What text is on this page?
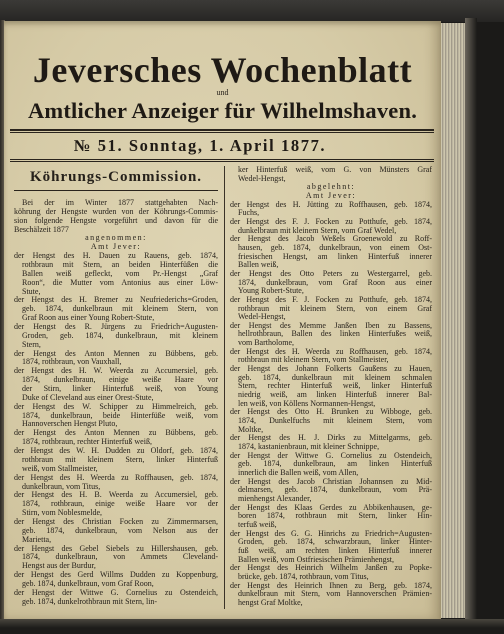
Jeversches Wochenblatt
und
Amtlicher Anzeiger für Wilhelmshaven.
№ 51. Sonntag, 1. April 1877.
Köhrungs-Commission.
Bei der im Winter 1877 stattgehabten Nach-
köhrung der Hengste wurden von der Köhrungs-Commis-
sion folgende Hengste vorgeführt und davon für die
Beschälzeit 1877
angenommen:
Amt Jever:
der Hengst des H. Dauen zu Rauens, geb. 1874,
rothbraun mit Stern, an beiden Hinterfüßen die
Ballen weiß gefleckt, vom Pr.-Hengst „Graf
Roon“, die Mutter vom Antonius aus einer Löw-
Stute,
der Hengst des H. Bremer zu Neufriederichs=Groden,
geb. 1874, dunkelbraun mit kleinem Stern, von
Graf Roon aus einer Young Robert-Stute,
der Hengst des R. Jürgens zu Friedrich=Augusten-
Groden, geb. 1874, dunkelbraun, mit kleinem
Stern,
der Hengst des Anton Mennen zu Bübbens, geb.
1874, rothbraun, von Vauxhall,
der Hengst des H. W. Weerda zu Accumersiel, geb.
1874, dunkelbraun, einige weiße Haare vor
der Stirn, linker Hinterfuß weiß, von Young
Duke of Cleveland aus einer Orest-Stute,
der Hengst des W. Schipper zu Himmelreich, geb.
1874, dunkelbraun, beide Hinterfüße weiß, vom
Hannoverschen Hengst Pluto,
der Hengst des Anton Mennen zu Bübbens, geb.
1874, rothbraun, rechter Hinterfuß weiß,
der Hengst des W. H. Dudden zu Oldorf, geb. 1874,
rothbraun mit kleinem Stern, linker Hinterfuß
weiß, vom Stallmeister,
der Hengst des H. Weerda zu Roffhausen, geb. 1874,
dunkelbraun, vom Titus,
der Hengst des H. B. Weerda zu Accumersiel, geb.
1874, rothbraun, einige weiße Haare vor der
Stirn, vom Noblesmelde,
der Hengst des Christian Focken zu Zimmermarsen,
geb. 1874, dunkelbraun, vom Nelson aus der
Marietta,
der Hengst des Gebel Siebels zu Hillershausen, geb.
1874, dunkelbraun, von Ammets Cleveland-
Hengst aus der Burdur,
der Hengst des Gerd Willms Dudden zu Koppenburg,
geb. 1874, dunkelbraun, vom Graf Roon,
der Hengst der Wittwe G. Cornelius zu Ostendeich,
geb. 1874, dunkelrothbraun mit Stern, lin-
ker Hinterfuß weiß, vom G. von Münsters Graf
Wedel-Hengst,
abgelehnt:
Amt Jever:
der Hengst des H. Jütting zu Roffhausen, geb. 1874,
Fuchs,
der Hengst des F. J. Focken zu Potthufe, geb. 1874,
dunkelbraun mit kleinem Stern, vom Graf Wedel,
der Hengst des Jacob Weßels Groenewold zu Roff-
hausen, geb. 1874, dunkelbraun, von einem Ost-
friesischen Hengst, am linken Hinterfuß innerer
Ballen weiß,
der Hengst des Otto Peters zu Westergarrel, geb.
1874, dunkelbraun, vom Graf Roon aus einer
Young Robert-Stute,
der Hengst des F. J. Focken zu Potthufe, geb. 1874,
rothbraun mit kleinem Stern, von einem Graf
Wedel-Hengst,
der Hengst des Memme Janßen Iben zu Bassens,
hellrothbraun, Ballen des linken Hinterfußes weiß,
vom Bartholome,
der Hengst des H. Weerda zu Roffhausen, geb. 1874,
rothbraun mit kleinem Stern, vom Stallmeister,
der Hengst des Johann Folkerts Gaußens zu Hauen,
geb. 1874, dunkelbraun mit kleinem schmalen
Stern, rechter Hinterfuß weiß, linker Hinterfuß
niedrig weiß, am linken Hinterfuß innerer Bal-
len weiß, von Köllens Normannen-Hengst,
der Hengst des Otto H. Brunken zu Wibboge, geb.
1874, Dunkelfuchs mit kleinem Stern, vom
Moltke,
der Hengst des H. J. Dirks zu Mittelgarms, geb.
1874, kastanienbraun, mit kleiner Schnippe,
der Hengst der Wittwe G. Cornelius zu Ostendeich,
geb. 1874, dunkelbraun, am linken Hinterfuß
innerlich die Ballen weiß, vom Allen,
der Hengst des Jacob Christian Johannsen zu Mid-
delmarsen, geb. 1874, dunkelbraun, vom Prä-
mienhengst Alexander,
der Hengst des Klaas Gerdes zu Abbikenhausen, ge-
boren 1874, rothbraun mit Stern, linker Hin-
terfuß weiß,
der Hengst des G. G. Hinrichs zu Friedrich=Augusten-
Groden, geb. 1874, schwarzbraun, linker Hinter-
fuß weiß, am rechten linken Hinterfuß innerer
Ballen weiß, vom Ostfriesischen Prämienhengst,
der Hengst des Heinrich Wilhelm Janßen zu Popke-
brücke, geb. 1874, rothbraun, vom Titus,
der Hengst des Heinrich Ihnen zu Berg, geb. 1874,
dunkelbraun mit Stern, vom Hannoverschen Prämien-
hengst Graf Moltke,
